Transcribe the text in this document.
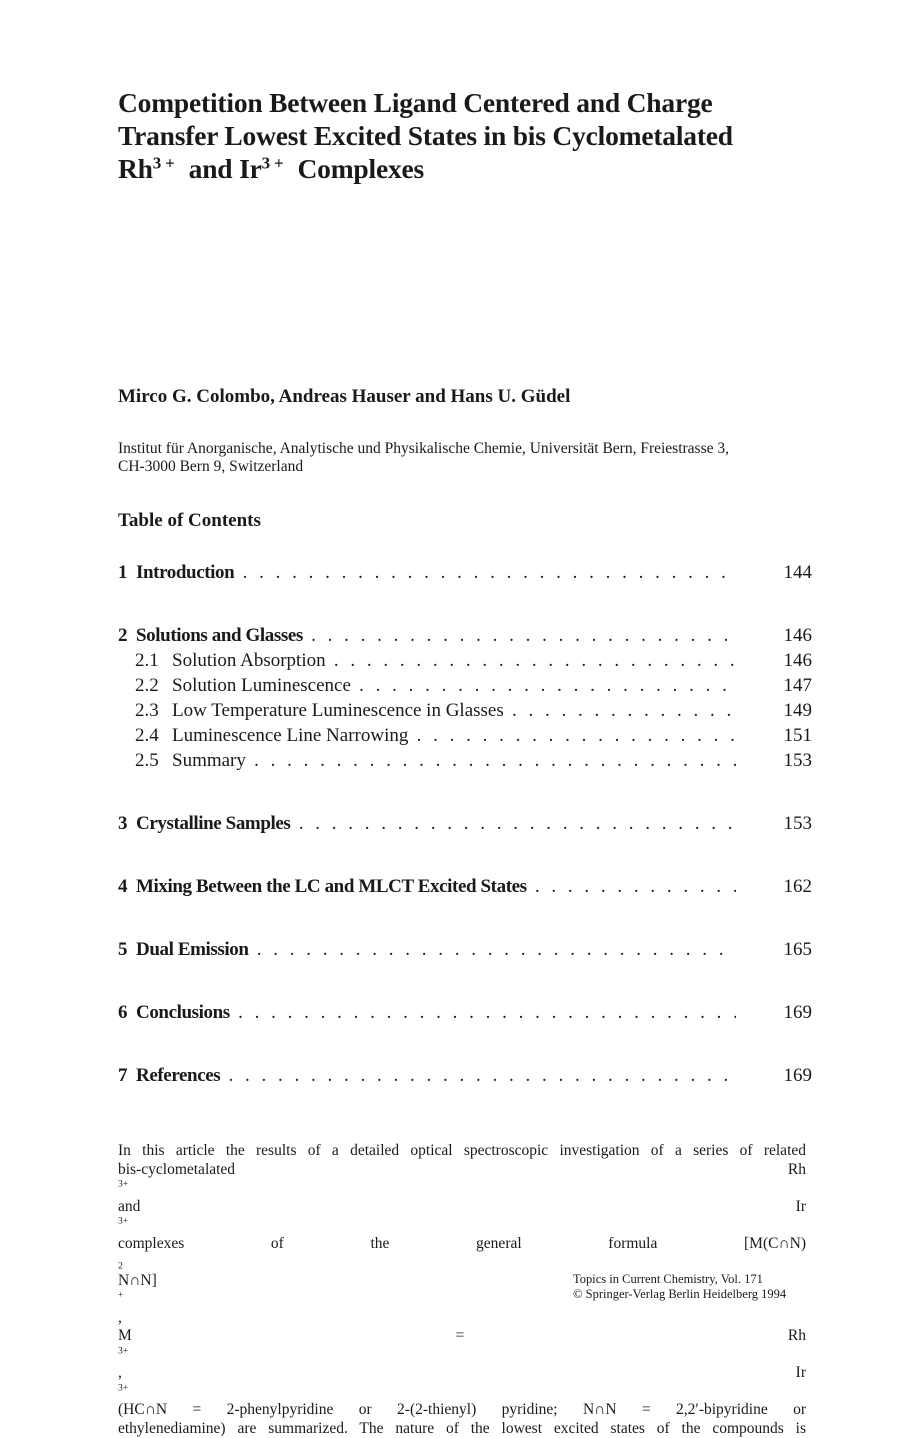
Competition Between Ligand Centered and Charge
Transfer Lowest Excited States in bis Cyclometalated
$Rh^{3 +}$ and $Ir^{3 +}$ Complexes
Mirco G. Colombo, Andreas Hauser and Hans U. Güdel
Institut für Anorganische, Analytische und Physikalische Chemie, Universität Bern, Freiestrasse 3,
CH-3000 Bern 9, Switzerland
Table of Contents
1 Introduction . . .	144
2 Solutions and Glasses . . .	146
2.1 Solution Absorption . . .	146
2.2 Solution Luminescence . . .	147
2.3 Low Temperature Luminescence in Glasses . . .	149
2.4 Luminescence Line Narrowing . . .	151
2.5 Summary . . .	153
3 Crystalline Samples . . .	153
4 Mixing Between the LC and MLCT Excited States . . .	162
5 Dual Emission . . .	165
6 Conclusions . . .	169
7 References . . .	169
In this article the results of a detailed optical spectroscopic investigation of a series of related
bis-cyclometalated Rh
$^{3+}$
and Ir
$^{3+}$
complexes of the general formula [M(C∩N)
$_2$
N∩N]
+
,
M = Rh
$^{3+}$
, Ir
$^{3+}$
(HC∩N = 2-phenylpyridine or 2-(2-thienyl) pyridine; N∩N = 2,2′-bipyridine or
ethylenediamine) are summarized. The nature of the lowest excited states of the compounds is
Topics in Current Chemistry, Vol. 171
© Springer-Verlag Berlin Heidelberg 1994
